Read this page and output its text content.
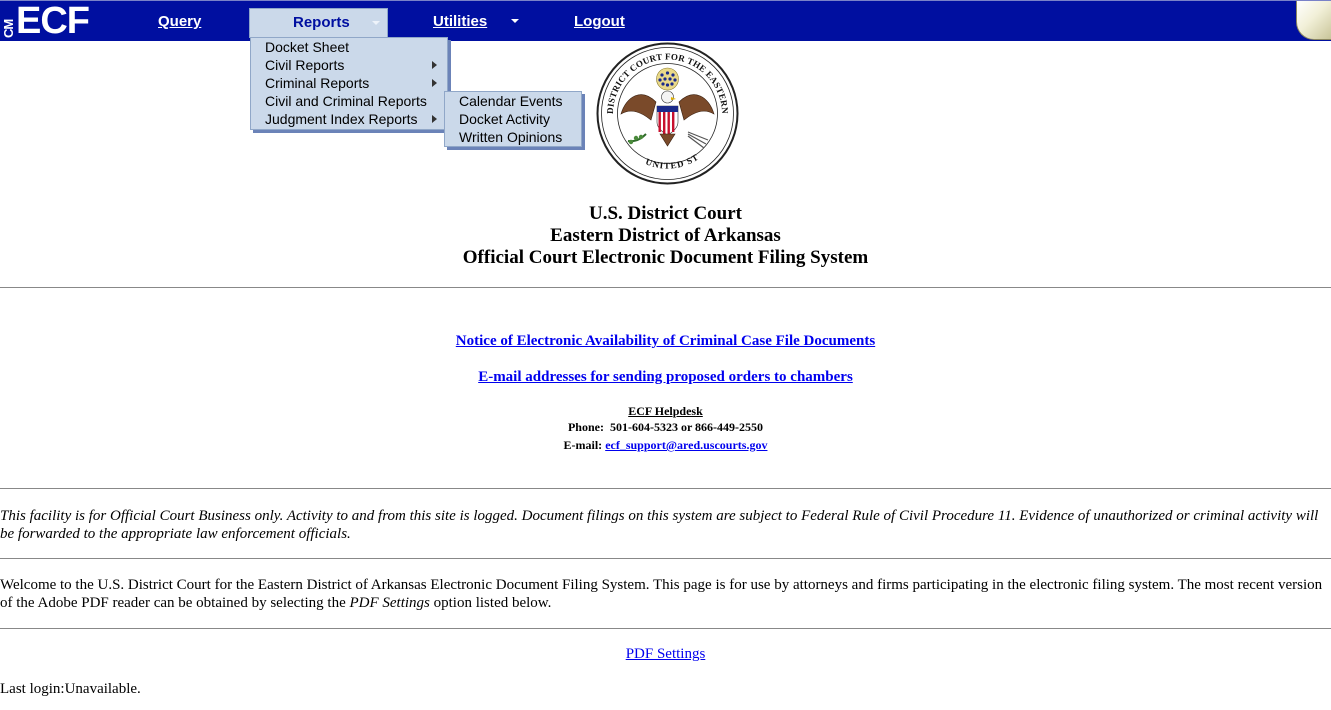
CM ECF	Query	Reports	Utilities	Logout
Docket Sheet
Civil Reports
Criminal Reports
Civil and Criminal Reports
Judgment Index Reports
Calendar Events
Docket Activity
Written Opinions
DISTRICT COURT FOR THE EASTERN
UNITED ST
U.S. District Court
Eastern District of Arkansas
Official Court Electronic Document Filing System
Notice of Electronic Availability of Criminal Case File Documents
E-mail addresses for sending proposed orders to chambers
ECF Helpdesk
Phone: 501-604-5323 or 866-449-2550
E-mail: ecf_support@ared.uscourts.gov
This facility is for Official Court Business only. Activity to and from this site is logged. Document filings on this system are subject to Federal Rule of Civil Procedure 11. Evidence of unauthorized or criminal activity will be forwarded to the appropriate law enforcement officials.
Welcome to the U.S. District Court for the Eastern District of Arkansas Electronic Document Filing System. This page is for use by attorneys and firms participating in the electronic filing system. The most recent version of the Adobe PDF reader can be obtained by selecting the PDF Settings option listed below.
PDF Settings
Last login:Unavailable.
